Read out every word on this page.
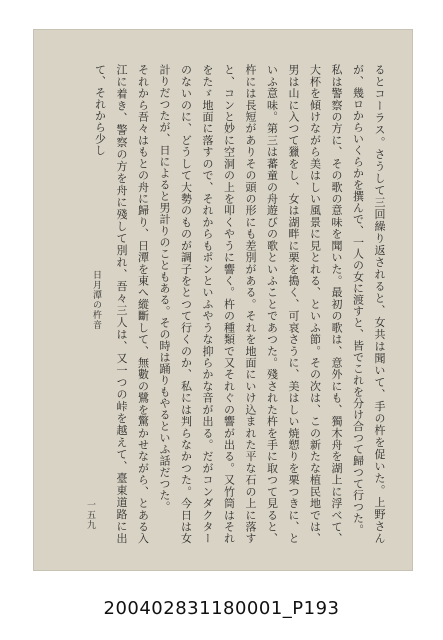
るとコーラス。さうして三回繰り返されると、女共は聞いて、手の杵を促いた。上野さんが、幾ロからいくらかを撰んで、一人の女に渡すと、皆でこれを分け合つて歸つて行つた。

私は警察の方に、その歌の意味を聞いた。最初の歌は、意外にも、獨木舟を湖上に浮べて、大杯を傾けながら美はしい風景に見とれる、といふ節。その次は、この新たな植民地では、男は山に入つて獵をし、女は湖畔に栗を搗く、可哀さうに、美はしい焼愬りを栗つきに、といふ意味。第三は蕃童の舟遊びの歌といふことであつた。殘された杵を手に取つて見ると、杵には長短がありその頭の形にも差別がある。それを地面にいけ込まれた平な石の上に落すと、コンと妙に空洞の上を叩くやうに響く。杵の種類で又それぐの響が出る。又竹筒はそれをたゞ地面に落すので、それからもポンといふやうな抑らかな音が出る。だがコンダクターのないのに、どうして大勢のものが調子をとつて行くのか、私には判らなかつた。今日は女計りだつたが、日によると男計りのこともある。その時は踊りもやるといふ話だつた。

それから吾々はもとの舟に歸り、日潭を東へ縱斷して、無數の鷺を驚かせながら、とある入江に着き、警察の方を舟に殘して別れ、吾々三人は、又一つの峠を越えて、臺東道路に出て、それから少し

日月潭の杵音
一五九
200402831180001_P193
